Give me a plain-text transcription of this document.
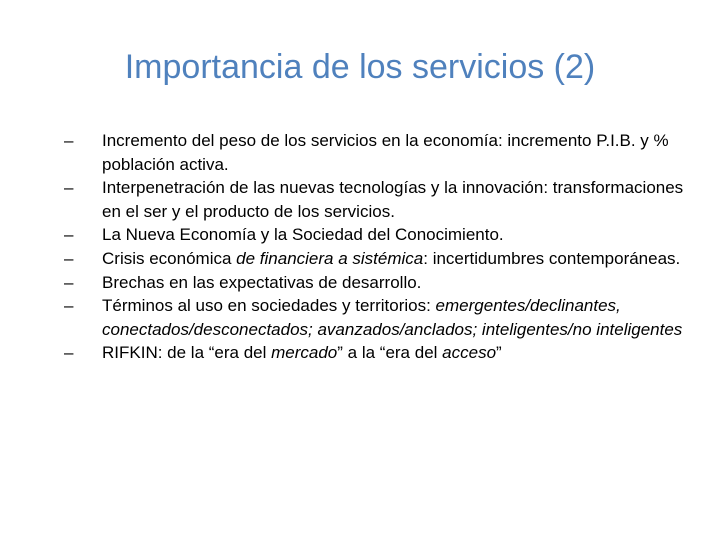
Importancia de los servicios (2)
– Incremento del peso de los servicios en la economía: incremento P.I.B. y % población activa.
– Interpenetración de las nuevas tecnologías y la innovación: transformaciones en el ser y el producto de los servicios.
– La Nueva Economía y la Sociedad del Conocimiento.
– Crisis económica de financiera a sistémica: incertidumbres contemporáneas.
– Brechas en las expectativas de desarrollo.
– Términos al uso en sociedades y territorios: emergentes/declinantes, conectados/desconectados; avanzados/anclados; inteligentes/no inteligentes
– RIFKIN: de la “era del mercado” a la “era del acceso”
